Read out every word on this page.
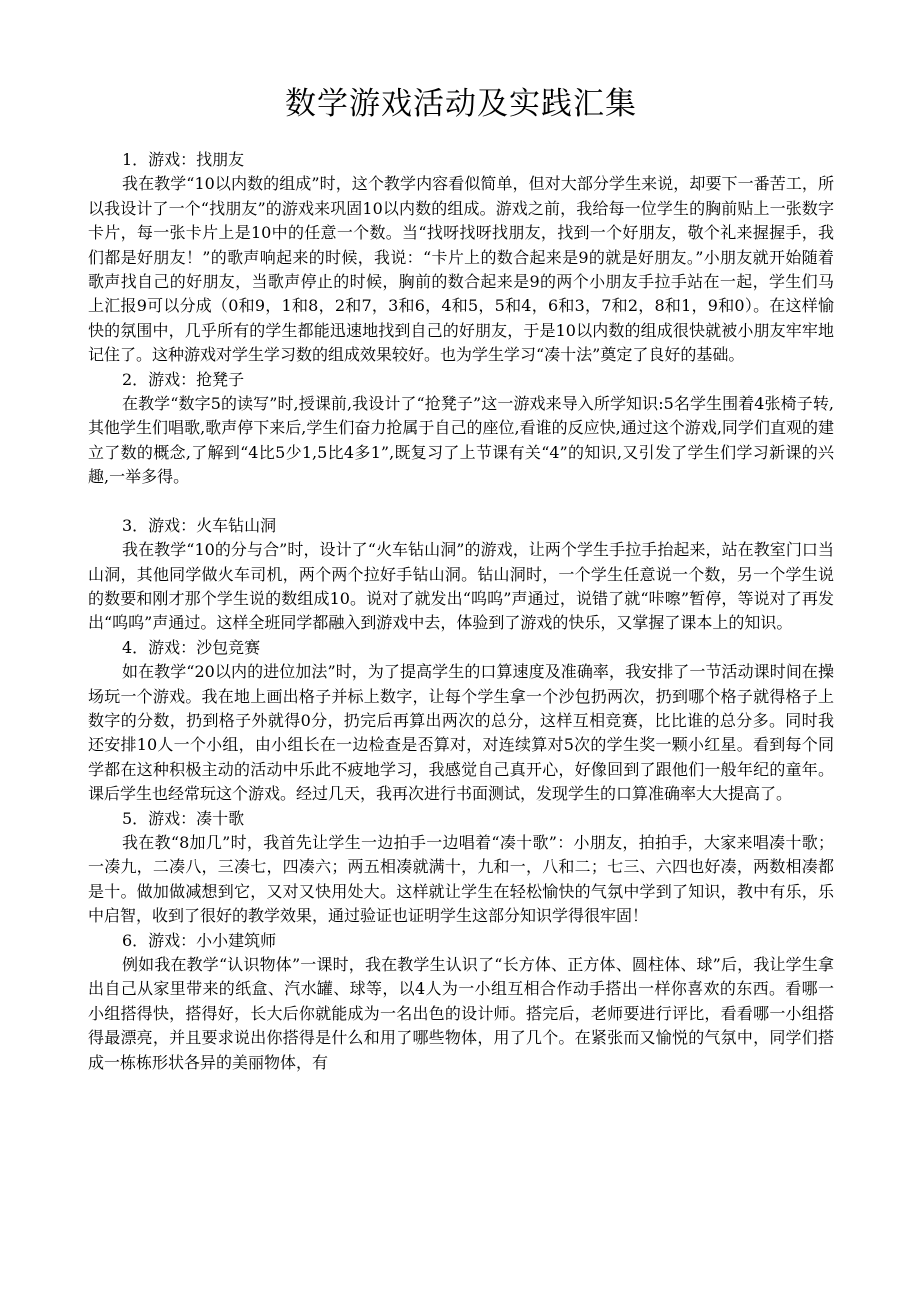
数学游戏活动及实践汇集

1．游戏：找朋友

我在教学“10以内数的组成”时，这个教学内容看似简单，但对大部分学生来说，却要下一番苦工，所以我设计了一个“找朋友”的游戏来巩固10以内数的组成。游戏之前，我给每一位学生的胸前贴上一张数字卡片，每一张卡片上是10中的任意一个数。当“找呀找呀找朋友，找到一个好朋友，敬个礼来握握手，我们都是好朋友！”的歌声响起来的时候，我说：“卡片上的数合起来是9的就是好朋友。”小朋友就开始随着歌声找自己的好朋友，当歌声停止的时候，胸前的数合起来是9的两个小朋友手拉手站在一起，学生们马上汇报9可以分成（0和9，1和8，2和7，3和6，4和5，5和4，6和3，7和2，8和1，9和0）。在这样愉快的氛围中，几乎所有的学生都能迅速地找到自己的好朋友，于是10以内数的组成很快就被小朋友牢牢地记住了。这种游戏对学生学习数的组成效果较好。也为学生学习“凑十法”奠定了良好的基础。

2．游戏：抢凳子

在教学“数字5的读写”时,授课前,我设计了“抢凳子”这一游戏来导入所学知识:5名学生围着4张椅子转,其他学生们唱歌,歌声停下来后,学生们奋力抢属于自己的座位,看谁的反应快,通过这个游戏,同学们直观的建立了数的概念,了解到“4比5少1,5比4多1”,既复习了上节课有关“4”的知识,又引发了学生们学习新课的兴趣,一举多得。

3．游戏：火车钻山洞

我在教学“10的分与合”时，设计了“火车钻山洞”的游戏，让两个学生手拉手抬起来，站在教室门口当山洞，其他同学做火车司机，两个两个拉好手钻山洞。钻山洞时，一个学生任意说一个数，另一个学生说的数要和刚才那个学生说的数组成10。说对了就发出“呜呜”声通过，说错了就“咔嚓”暂停，等说对了再发出“呜呜”声通过。这样全班同学都融入到游戏中去，体验到了游戏的快乐，又掌握了课本上的知识。

4．游戏：沙包竞赛

如在教学“20以内的进位加法”时，为了提高学生的口算速度及准确率，我安排了一节活动课时间在操场玩一个游戏。我在地上画出格子并标上数字，让每个学生拿一个沙包扔两次，扔到哪个格子就得格子上数字的分数，扔到格子外就得0分，扔完后再算出两次的总分，这样互相竞赛，比比谁的总分多。同时我还安排10人一个小组，由小组长在一边检查是否算对，对连续算对5次的学生奖一颗小红星。看到每个同学都在这种积极主动的活动中乐此不疲地学习，我感觉自己真开心，好像回到了跟他们一般年纪的童年。课后学生也经常玩这个游戏。经过几天，我再次进行书面测试，发现学生的口算准确率大大提高了。

5．游戏：凑十歌

我在教“8加几”时，我首先让学生一边拍手一边唱着“凑十歌”：小朋友，拍拍手，大家来唱凑十歌；一凑九，二凑八，三凑七，四凑六；两五相凑就满十，九和一，八和二；七三、六四也好凑，两数相凑都是十。做加做减想到它，又对又快用处大。这样就让学生在轻松愉快的气氛中学到了知识，教中有乐，乐中启智，收到了很好的教学效果，通过验证也证明学生这部分知识学得很牢固！

6．游戏：小小建筑师

例如我在教学“认识物体”一课时，我在教学生认识了“长方体、正方体、圆柱体、球”后，我让学生拿出自己从家里带来的纸盒、汽水罐、球等，以4人为一小组互相合作动手搭出一样你喜欢的东西。看哪一小组搭得快，搭得好，长大后你就能成为一名出色的设计师。搭完后，老师要进行评比，看看哪一小组搭得最漂亮，并且要求说出你搭得是什么和用了哪些物体，用了几个。在紧张而又愉悦的气氛中，同学们搭成一栋栋形状各异的美丽物体，有
